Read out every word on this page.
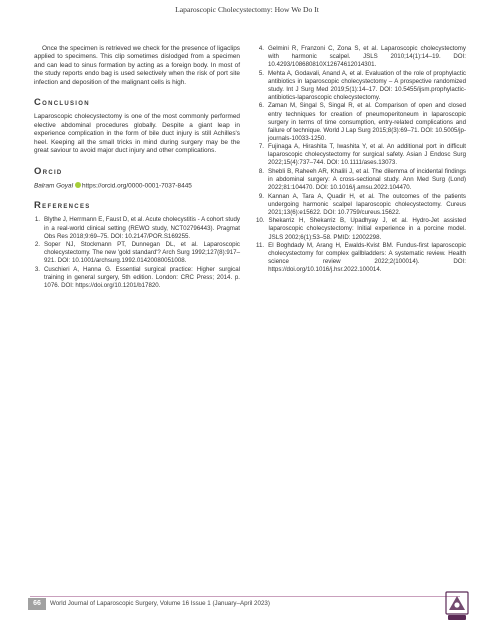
Laparoscopic Cholecystectomy: How We Do It

Once the specimen is retrieved we check for the presence of ligaclips applied to specimens. This clip sometimes dislodged from a specimen and can lead to sinus formation by acting as a foreign body. In most of the study reports endo bag is used selectively when the risk of port site infection and deposition of the malignant cells is high.

Conclusion

Laparoscopic cholecystectomy is one of the most commonly performed elective abdominal procedures globally. Despite a giant leap in experience complication in the form of bile duct injury is still Achilles's heel. Keeping all the small tricks in mind during surgery may be the great saviour to avoid major duct injury and other complications.

Orcid

Balram Goyal https://orcid.org/0000-0001-7037-8445

References
1. Blythe J, Herrmann E, Faust D, et al. Acute cholecystitis - A cohort study in a real-world clinical setting (REWO study, NCT02796443). Pragmat Obs Res 2018;9:69–75. DOI: 10.2147/POR.S169255.
2. Soper NJ, Stockmann PT, Dunnegan DL, et al. Laparoscopic cholecystectomy. The new 'gold standard'? Arch Surg 1992;127(8):917–921. DOI: 10.1001/archsurg.1992.01420080051008.
3. Cuschieri A, Hanna G. Essential surgical practice: Higher surgical training in general surgery, 5th edition. London: CRC Press; 2014. p. 1076. DOI: https://doi.org/10.1201/b17820.
4. Gelmini R, Franzoni C, Zona S, et al. Laparoscopic cholecystectomy with harmonic scalpel. JSLS 2010;14(1):14–19. DOI: 10.4293/108680810X12674612014301.
5. Mehta A, Godavali, Anand A, et al. Evaluation of the role of prophylactic antibiotics in laparoscopic cholecystectomy – A prospective randomized study. Int J Surg Med 2019;5(1):14–17. DOI: 10.5455/ijsm.prophylactic-antibiotics-laparoscopic cholecystectomy.
6. Zaman M, Singal S, Singal R, et al. Comparison of open and closed entry techniques for creation of pneumoperitoneum in laparoscopic surgery in terms of time consumption, entry-related complications and failure of technique. World J Lap Surg 2015;8(3):69–71. DOI: 10.5005/jp-journals-10033-1250.
7. Fujinaga A, Hirashita T, Iwashita Y, et al. An additional port in difficult laparoscopic cholecystectomy for surgical safety. Asian J Endosc Surg 2022;15(4):737–744. DOI: 10.1111/ases.13073.
8. Shebli B, Raheeh AR, Khalili J, et al. The dilemma of incidental findings in abdominal surgery: A cross-sectional study. Ann Med Surg (Lond) 2022;81:104470. DOI: 10.1016/j.amsu.2022.104470.
9. Kannan A, Tara A, Quadir H, et al. The outcomes of the patients undergoing harmonic scalpel laparoscopic cholecystectomy. Cureus 2021;13(6):e15622. DOI: 10.7759/cureus.15622.
10. Shekarriz H, Shekarriz B, Upadhyay J, et al. Hydro-Jet assisted laparoscopic cholecystectomy: Initial experience in a porcine model. JSLS 2002;6(1):53–58. PMID: 12002298.
11. El Boghdady M, Arang H, Ewalds-Kvist BM. Fundus-first laparoscopic cholecystectomy for complex gallbladders: A systematic review. Health science review 2022;2(100014). DOI: https://doi.org/10.1016/j.hsr.2022.100014.
66	World Journal of Laparoscopic Surgery, Volume 16 Issue 1 (January–April 2023)
